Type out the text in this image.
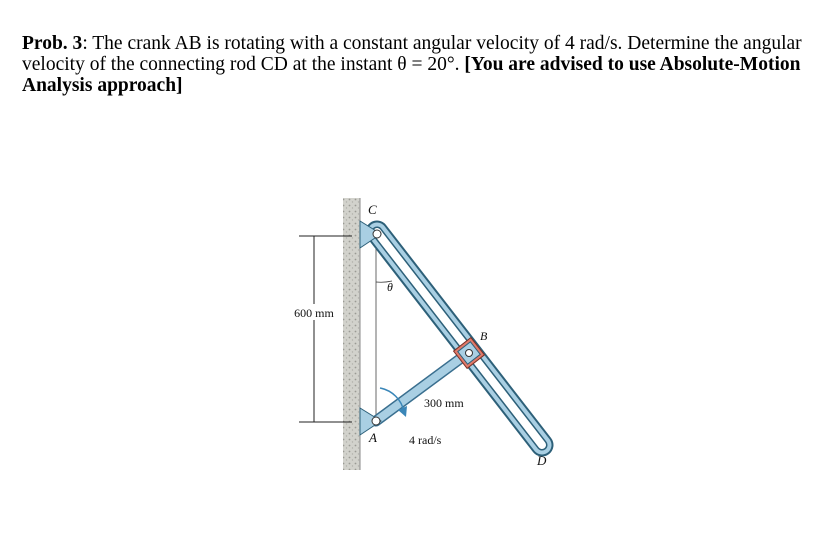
Prob. 3: The crank AB is rotating with a constant angular velocity of 4 rad/s. Determine the angular velocity of the connecting rod CD at the instant θ = 20°. [You are advised to use Absolute-Motion Analysis approach]
600 mm
θ
B
C
A
300 mm
4 rad/s
D
